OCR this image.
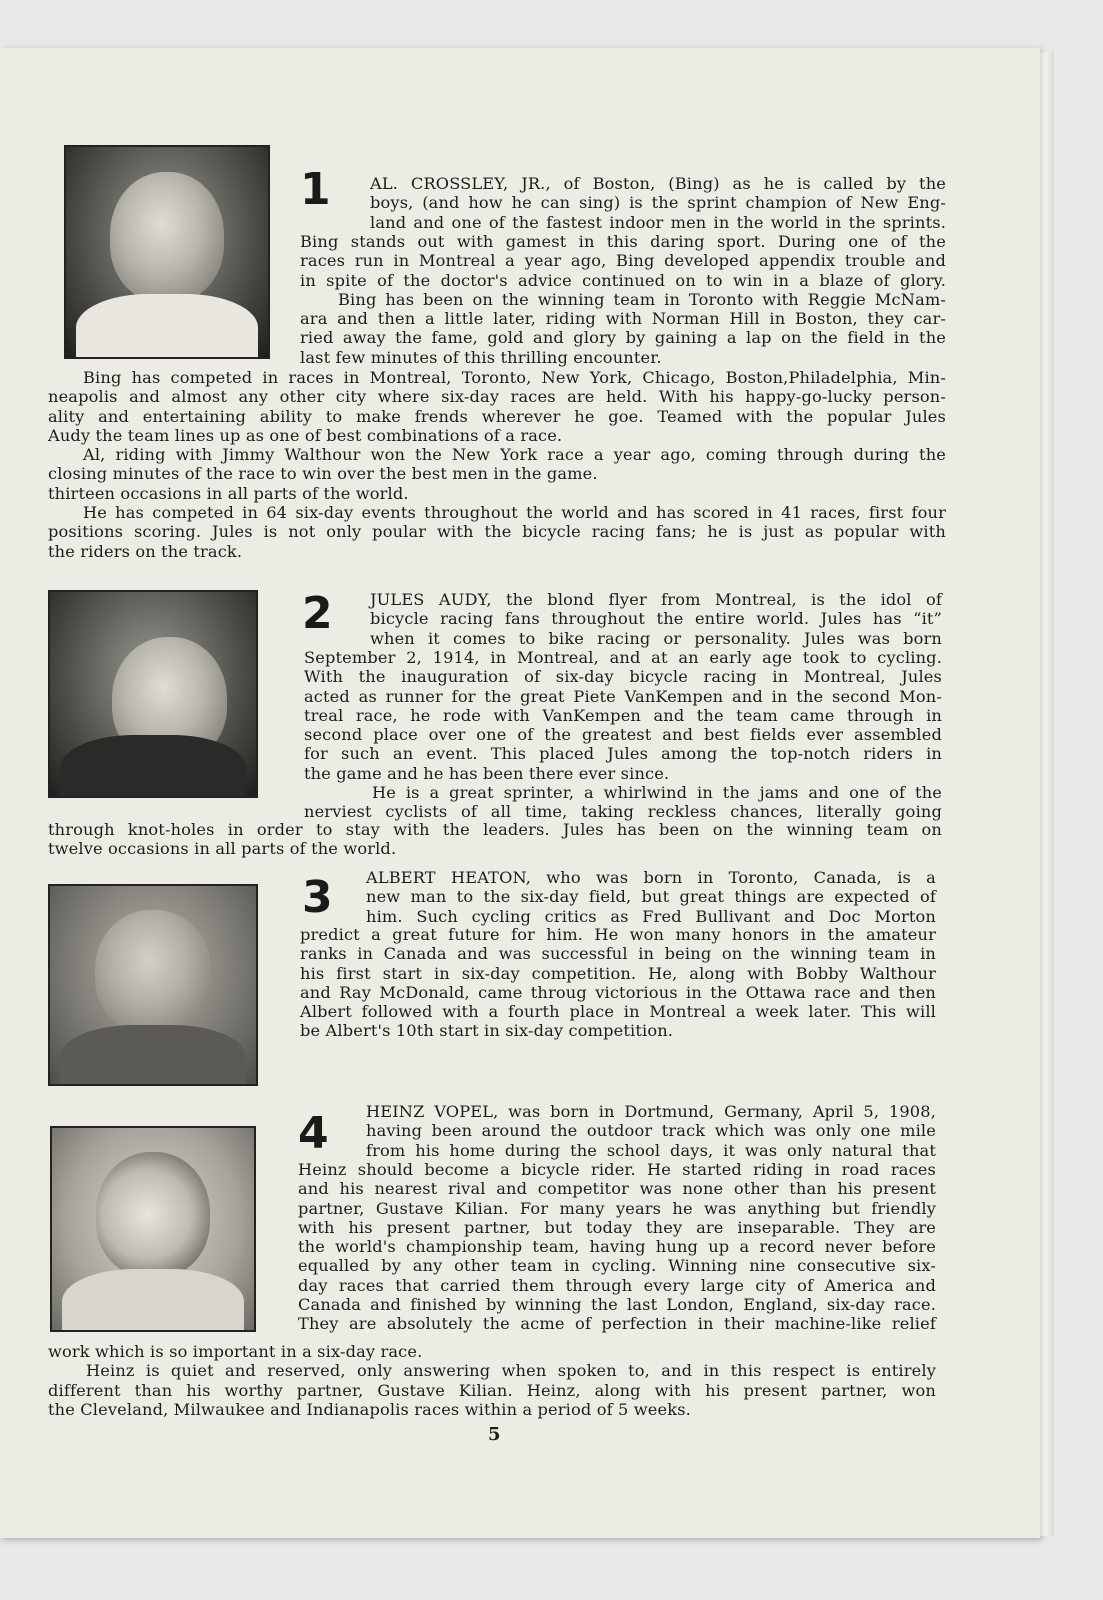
1 AL. CROSSLEY, JR., of Boston, (Bing) as he is called by the
boys, (and how he can sing) is the sprint champion of New Eng-
land and one of the fastest indoor men in the world in the sprints.
Bing stands out with gamest in this daring sport. During one of the
races run in Montreal a year ago, Bing developed appendix trouble and
in spite of the doctor's advice continued on to win in a blaze of glory.
Bing has been on the winning team in Toronto with Reggie McNam-
ara and then a little later, riding with Norman Hill in Boston, they car-
ried away the fame, gold and glory by gaining a lap on the field in the
last few minutes of this thrilling encounter.
Bing has competed in races in Montreal, Toronto, New York, Chicago, Boston,Philadelphia, Min-
neapolis and almost any other city where six-day races are held. With his happy-go-lucky person-
ality and entertaining ability to make frends wherever he goe. Teamed with the popular Jules
Audy the team lines up as one of best combinations of a race.
Al, riding with Jimmy Walthour won the New York race a year ago, coming through during the
closing minutes of the race to win over the best men in the game.
thirteen occasions in all parts of the world.
He has competed in 64 six-day events throughout the world and has scored in 41 races, first four
positions scoring. Jules is not only poular with the bicycle racing fans; he is just as popular with
the riders on the track.
2 JULES AUDY, the blond flyer from Montreal, is the idol of
bicycle racing fans throughout the entire world. Jules has “it”
when it comes to bike racing or personality. Jules was born
September 2, 1914, in Montreal, and at an early age took to cycling.
With the inauguration of six-day bicycle racing in Montreal, Jules
acted as runner for the great Piete VanKempen and in the second Mon-
treal race, he rode with VanKempen and the team came through in
second place over one of the greatest and best fields ever assembled
for such an event. This placed Jules among the top-notch riders in
the game and he has been there ever since.
He is a great sprinter, a whirlwind in the jams and one of the
nerviest cyclists of all time, taking reckless chances, literally going
through knot-holes in order to stay with the leaders. Jules has been on the winning team on
twelve occasions in all parts of the world.
3 ALBERT HEATON, who was born in Toronto, Canada, is a
new man to the six-day field, but great things are expected of
him. Such cycling critics as Fred Bullivant and Doc Morton
predict a great future for him. He won many honors in the amateur
ranks in Canada and was successful in being on the winning team in
his first start in six-day competition. He, along with Bobby Walthour
and Ray McDonald, came throug victorious in the Ottawa race and then
Albert followed with a fourth place in Montreal a week later. This will
be Albert's 10th start in six-day competition.
4 HEINZ VOPEL, was born in Dortmund, Germany, April 5, 1908,
having been around the outdoor track which was only one mile
from his home during the school days, it was only natural that
Heinz should become a bicycle rider. He started riding in road races
and his nearest rival and competitor was none other than his present
partner, Gustave Kilian. For many years he was anything but friendly
with his present partner, but today they are inseparable. They are
the world's championship team, having hung up a record never before
equalled by any other team in cycling. Winning nine consecutive six-
day races that carried them through every large city of America and
Canada and finished by winning the last London, England, six-day race.
They are absolutely the acme of perfection in their machine-like relief
work which is so important in a six-day race.
Heinz is quiet and reserved, only answering when spoken to, and in this respect is entirely
different than his worthy partner, Gustave Kilian. Heinz, along with his present partner, won
the Cleveland, Milwaukee and Indianapolis races within a period of 5 weeks.
5
